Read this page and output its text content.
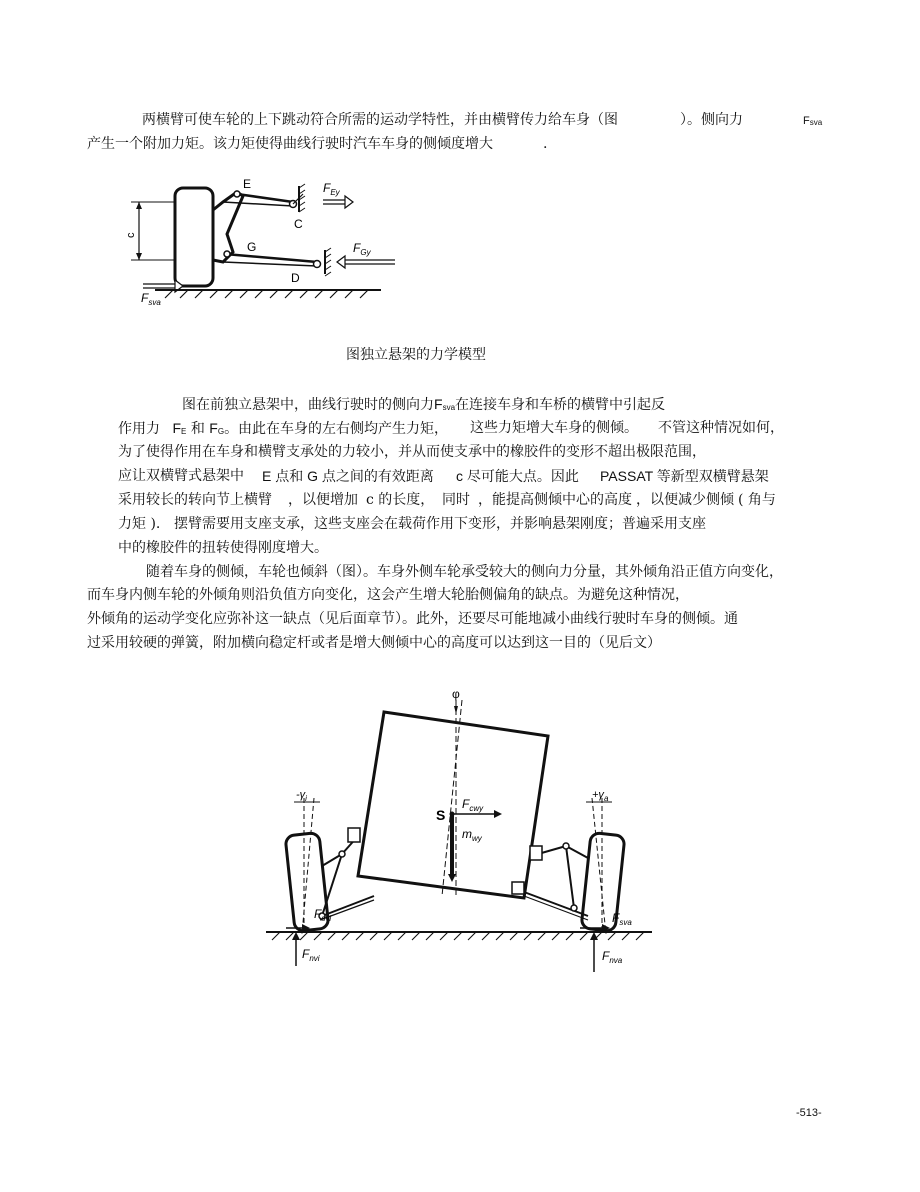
两横臂可使车轮的上下跳动符合所需的运动学特性，并由横臂传力给车身（图	）。侧向力	Fsva
产生一个附加力矩。该力矩使得曲线行驶时汽车车身的侧倾度增大	.
c
E
C
G
D
$F_{Ey}$
$F_{Gy}$
$F_{sva}$
图独立悬架的力学模型
图在前独立悬架中，曲线行驶时的侧向力Fsva在连接车身和车桥的横臂中引起反
作用力 FE 和 FG。由此在车身的左右侧均产生力矩， 这些力矩增大车身的侧倾。 不管这种情况如何，
为了使得作用在车身和横臂支承处的力较小，并从而使支承中的橡胶件的变形不超出极限范围，
应让双横臂式悬架中 E 点和 G 点之间的有效距离 c 尽可能大点。因此 PASSAT 等新型双横臂悬架
采用较长的转向节上横臂 ，以便增加 c 的长度， 同时 ，能提高侧倾中心的高度 ，以便减少侧倾 ( 角与
力矩 ). 摆臂需要用支座支承，这些支座会在载荷作用下变形，并影响悬架刚度；普遍采用支座
中的橡胶件的扭转使得刚度增大。
随着车身的侧倾，车轮也倾斜（图）。车身外侧车轮承受较大的侧向力分量，其外倾角沿正值方向变化，
而车身内侧车轮的外倾角则沿负值方向变化，这会产生增大轮胎侧偏角的缺点。为避免这种情况，
外倾角的运动学变化应弥补这一缺点（见后面章节）。此外，还要尽可能地减小曲线行驶时车身的侧倾。通
过采用较硬的弹簧，附加横向稳定杆或者是增大侧倾中心的高度可以达到这一目的（见后文）
φ
S
$F_{cwy}$
$m_{wy}$
$-\gamma_i$	$+\gamma_a$
$F_{svi}$
$F_{nvi}$
$F_{sva}$
$F_{nva}$
-513-
